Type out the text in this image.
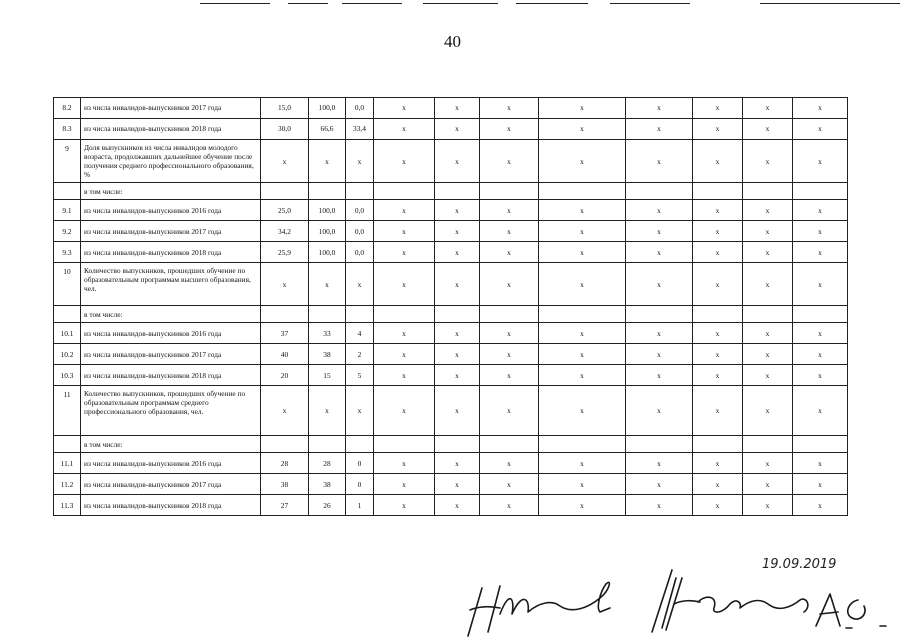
40
8.2	из числа инвалидов-выпускников 2017 года	15,0	100,0	0,0	x	x	x	x	x	x	x	x
8.3	из числа инвалидов-выпускников 2018 года	30,0	66,6	33,4	x	x	x	x	x	x	x	x
9	Доля выпускников из числа инвалидов молодого возраста, продолжавших дальнейшее обучение после получения среднего профессионального образования, %	x	x	x	x	x	x	x	x	x	x	x
	в том числе:											
9.1	из числа инвалидов-выпускников 2016 года	25,0	100,0	0,0	x	x	x	x	x	x	x	x
9.2	из числа инвалидов-выпускников 2017 года	34,2	100,0	0,0	x	x	x	x	x	x	x	x
9.3	из числа инвалидов-выпускников 2018 года	25,9	100,0	0,0	x	x	x	x	x	x	x	x
10	Количество выпускников, прошедших обучение по образовательным программам высшего образования, чел.	x	x	x	x	x	x	x	x	x	x	x
	в том числе:											
10.1	из числа инвалидов-выпускников 2016 года	37	33	4	x	x	x	x	x	x	x	x
10.2	из числа инвалидов-выпускников 2017 года	40	38	2	x	x	x	x	x	x	x	x
10.3	из числа инвалидов-выпускников 2018 года	20	15	5	x	x	x	x	x	x	x	x
11	Количество выпускников, прошедших обучение по образовательным программам среднего профессионального образования, чел.	x	x	x	x	x	x	x	x	x	x	x
	в том числе:											
11.1	из числа инвалидов-выпускников 2016 года	28	28	0	x	x	x	x	x	x	x	x
11.2	из числа инвалидов-выпускников 2017 года	38	38	0	x	x	x	x	x	x	x	x
11.3	из числа инвалидов-выпускников 2018 года	27	26	1	x	x	x	x	x	x	x	x
19.09.2019
